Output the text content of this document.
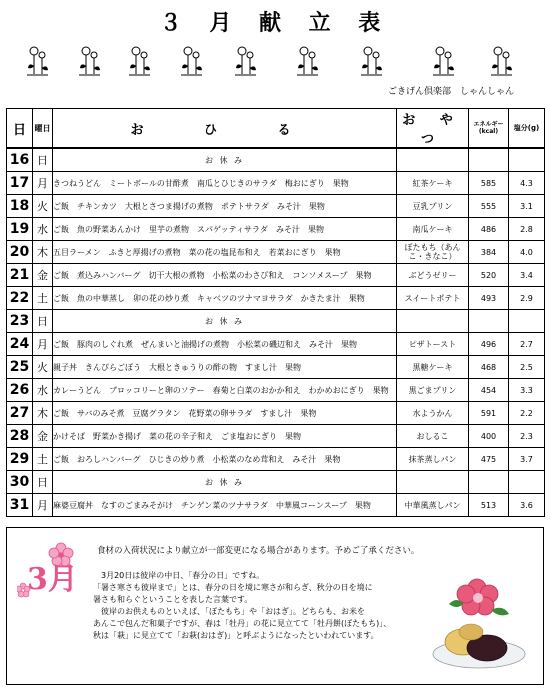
３ 月 献 立 表
ごきげん倶楽部　しゃんしゃん
日	曜日	お ひ る	お や つ	エネルギー(kcal)	塩分(g)
16	日	お 休 み			
17	月	きつねうどん　ミートボールの甘酢煮　南瓜とひじきのサラダ　梅おにぎり　果物	紅茶ケーキ	585	4.3
18	火	ご飯　チキンカツ　大根とさつま揚げの煮物　ポテトサラダ　みそ汁　果物	豆乳プリン	555	3.1
19	水	ご飯　魚の野菜あんかけ　里芋の煮物　スパゲッティサラダ　みそ汁　果物	南瓜ケーキ	486	2.8
20	木	五目ラーメン　ふきと厚揚げの煮物　菜の花の塩昆布和え　若菜おにぎり　果物	ぼたもち（あんこ・きなこ）	384	4.0
21	金	ご飯　煮込みハンバーグ　切干大根の煮物　小松菜のわさび和え　コンソメスープ　果物	ぶどうゼリー	520	3.4
22	土	ご飯　魚の中華蒸し　卯の花の炒り煮　キャベツのツナマヨサラダ　かきたま汁　果物	スイートポテト	493	2.9
23	日	お 休 み			
24	月	ご飯　豚肉のしぐれ煮　ぜんまいと油揚げの煮物　小松菜の磯辺和え　みそ汁　果物	ピザトースト	496	2.7
25	火	親子丼　きんぴらごぼう　大根ときゅうりの酢の物　すまし汁　果物	黒糖ケーキ	468	2.5
26	水	カレーうどん　ブロッコリーと卵のソテー　春菊と白菜のおかか和え　わかめおにぎり　果物	黒ごまプリン	454	3.3
27	木	ご飯　サバのみそ煮　豆腐グラタン　花野菜の卵サラダ　すまし汁　果物	水ようかん	591	2.2
28	金	かけそば　野菜かき揚げ　菜の花の辛子和え　ごま塩おにぎり　果物	おしるこ	400	2.3
29	土	ご飯　おろしハンバーグ　ひじきの炒り煮　小松菜のなめ茸和え　みそ汁　果物	抹茶蒸しパン	475	3.7
30	日	お 休 み			
31	月	麻婆豆腐丼　なすのごまみそがけ　チンゲン菜のツナサラダ　中華風コーンスープ　果物	中華風蒸しパン	513	3.6
3月
食材の入荷状況により献立が一部変更になる場合があります。予めご了承ください。

　3月20日は彼岸の中日、「春分の日」ですね。

「暑さ寒さも彼岸まで」とは、春分の日を境に寒さが和らぎ、秋分の日を境に

暑さも和らぐということを表した言葉です。

　彼岸のお供えものといえば、「ぼたもち」や「おはぎ」。どちらも、お米を

あんこで包んだ和菓子ですが、春は「牡丹」の花に見立てて「牡丹餅(ぼたもち)」、

秋は「萩」に見立てて「お萩(おはぎ)」と呼ぶようになったといわれています。
